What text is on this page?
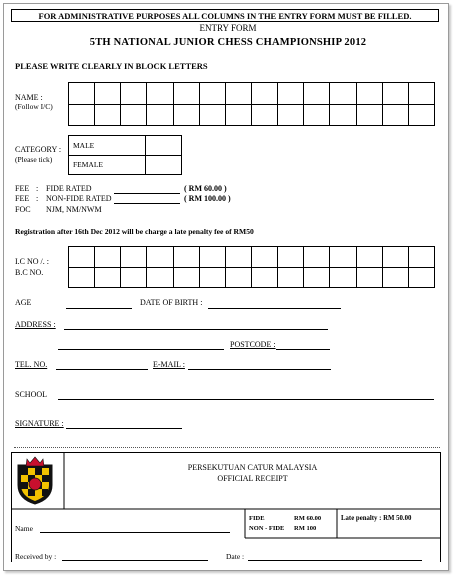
FOR ADMINISTRATIVE PURPOSES ALL COLUMNS IN THE ENTRY FORM MUST BE FILLED.
ENTRY FORM
5TH NATIONAL JUNIOR CHESS CHAMPIONSHIP 2012
PLEASE WRITE CLEARLY IN BLOCK LETTERS
NAME :
(Follow I/C)

CATEGORY :
(Please tick)
MALE	
FEMALE	
FEE : FIDE RATED	( RM 60.00 )
FEE : NON-FIDE RATED	( RM 100.00 )
FOC NJM, NM/NWM
Registration after 16th Dec 2012 will be charge a late penalty fee of RM50
I.C NO /. :
B.C NO.

AGE	DATE OF BIRTH :
ADDRESS :
POSTCODE :
TEL. NO.	E-MAIL :
SCHOOL
SIGNATURE :
PERSEKUTUAN CATUR MALAYSIA
OFFICIAL RECEIPT
Name
FIDE	RM 60.00
NON - FIDE RM 100
Late penalty : RM 50.00
Received by :	Date :
